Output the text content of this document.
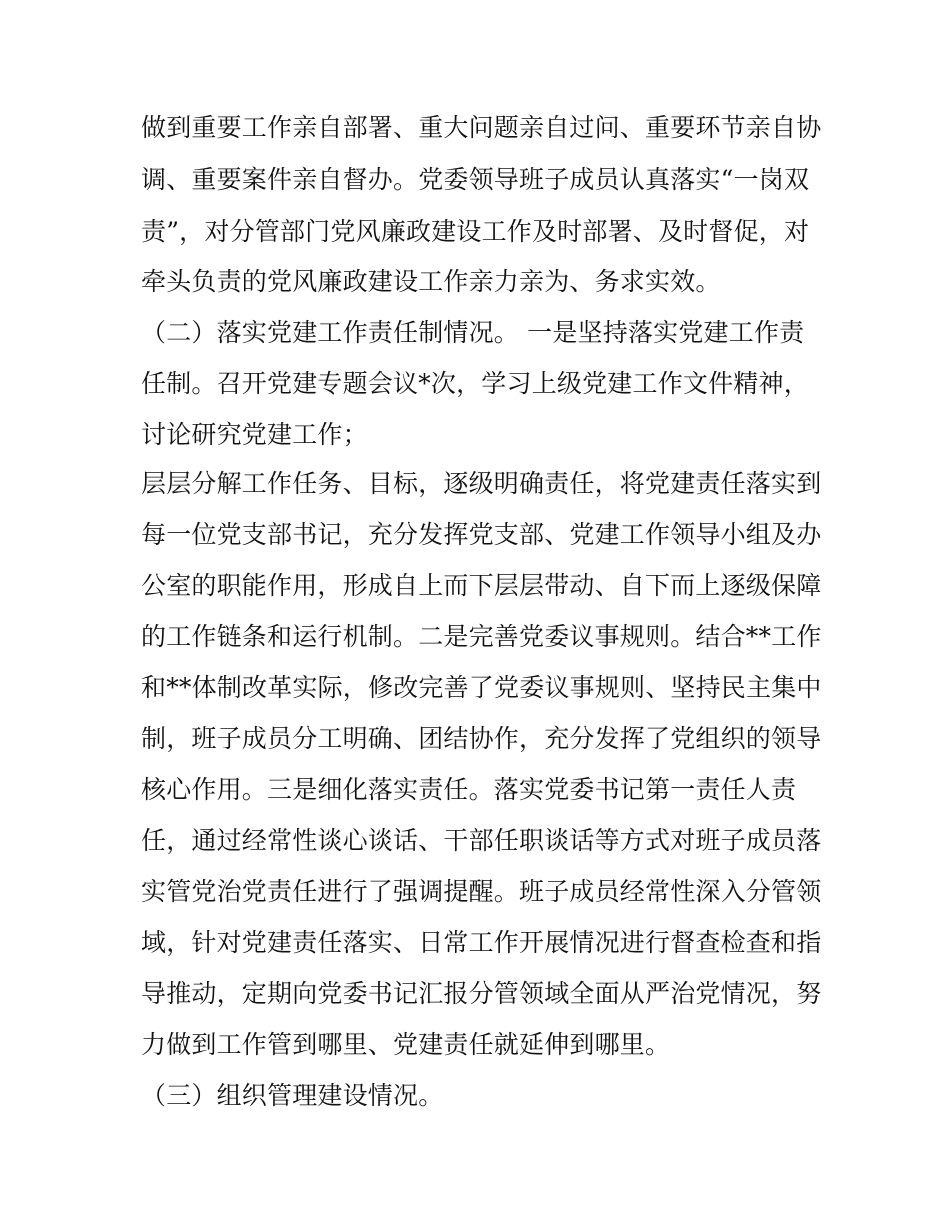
做到重要工作亲自部署、重大问题亲自过问、重要环节亲自协
调、重要案件亲自督办。党委领导班子成员认真落实“一岗双
责”，对分管部门党风廉政建设工作及时部署、及时督促，对
牵头负责的党风廉政建设工作亲力亲为、务求实效。
（二）落实党建工作责任制情况。 一是坚持落实党建工作责
任制。召开党建专题会议*次，学习上级党建工作文件精神，
讨论研究党建工作；
层层分解工作任务、目标，逐级明确责任，将党建责任落实到
每一位党支部书记，充分发挥党支部、党建工作领导小组及办
公室的职能作用，形成自上而下层层带动、自下而上逐级保障
的工作链条和运行机制。二是完善党委议事规则。结合**工作
和**体制改革实际，修改完善了党委议事规则、坚持民主集中
制，班子成员分工明确、团结协作，充分发挥了党组织的领导
核心作用。三是细化落实责任。落实党委书记第一责任人责
任，通过经常性谈心谈话、干部任职谈话等方式对班子成员落
实管党治党责任进行了强调提醒。班子成员经常性深入分管领
域，针对党建责任落实、日常工作开展情况进行督查检查和指
导推动，定期向党委书记汇报分管领域全面从严治党情况，努
力做到工作管到哪里、党建责任就延伸到哪里。
（三）组织管理建设情况。
